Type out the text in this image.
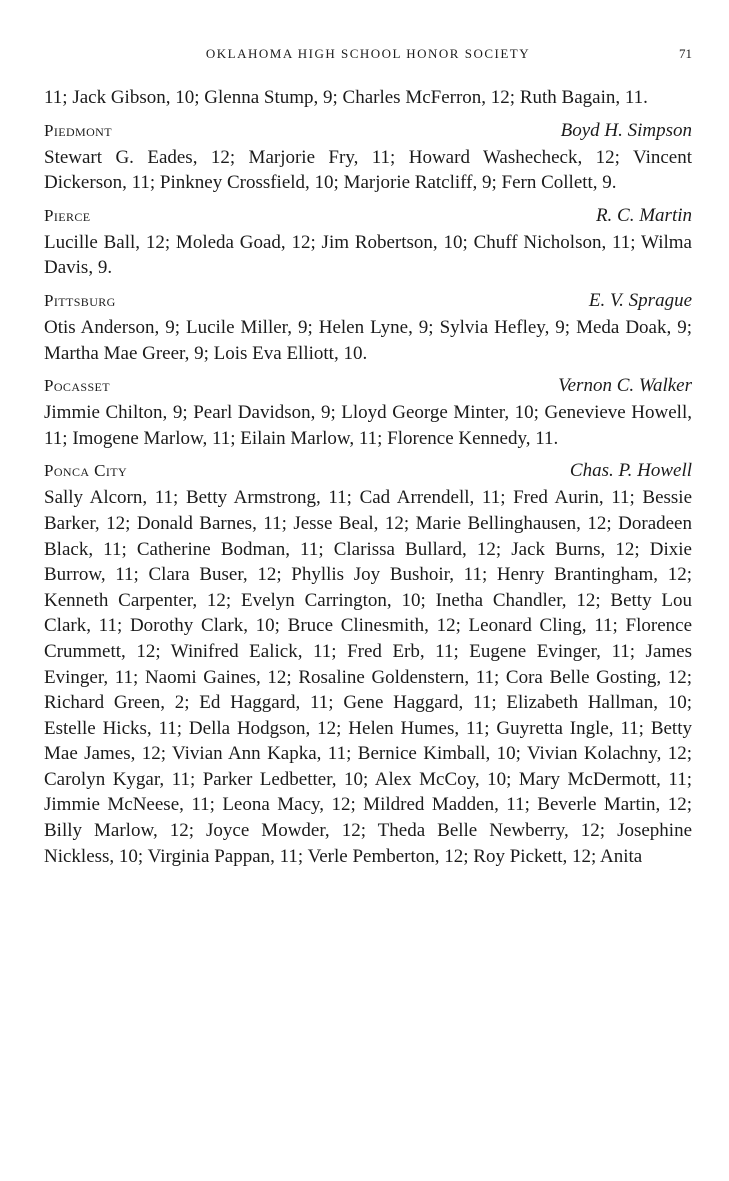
OKLAHOMA HIGH SCHOOL HONOR SOCIETY	71

11; Jack Gibson, 10; Glenna Stump, 9; Charles McFerron, 12; Ruth Bagain, 11.

Piedmont	Boyd H. Simpson

Stewart G. Eades, 12; Marjorie Fry, 11; Howard Washecheck, 12; Vincent Dickerson, 11; Pinkney Crossfield, 10; Marjorie Ratcliff, 9; Fern Collett, 9.

Pierce	R. C. Martin

Lucille Ball, 12; Moleda Goad, 12; Jim Robertson, 10; Chuff Nicholson, 11; Wilma Davis, 9.

Pittsburg	E. V. Sprague

Otis Anderson, 9; Lucile Miller, 9; Helen Lyne, 9; Sylvia Hefley, 9; Meda Doak, 9; Martha Mae Greer, 9; Lois Eva Elliott, 10.

Pocasset	Vernon C. Walker

Jimmie Chilton, 9; Pearl Davidson, 9; Lloyd George Minter, 10; Genevieve Howell, 11; Imogene Marlow, 11; Eilain Marlow, 11; Florence Kennedy, 11.

Ponca City	Chas. P. Howell

Sally Alcorn, 11; Betty Armstrong, 11; Cad Arrendell, 11; Fred Aurin, 11; Bessie Barker, 12; Donald Barnes, 11; Jesse Beal, 12; Marie Bellinghausen, 12; Doradeen Black, 11; Catherine Bodman, 11; Clarissa Bullard, 12; Jack Burns, 12; Dixie Burrow, 11; Clara Buser, 12; Phyllis Joy Bushoir, 11; Henry Brantingham, 12; Kenneth Carpenter, 12; Evelyn Carrington, 10; Inetha Chandler, 12; Betty Lou Clark, 11; Dorothy Clark, 10; Bruce Clinesmith, 12; Leonard Cling, 11; Florence Crummett, 12; Winifred Ealick, 11; Fred Erb, 11; Eugene Evinger, 11; James Evinger, 11; Naomi Gaines, 12; Rosaline Goldenstern, 11; Cora Belle Gosting, 12; Richard Green, 2; Ed Haggard, 11; Gene Haggard, 11; Elizabeth Hallman, 10; Estelle Hicks, 11; Della Hodgson, 12; Helen Humes, 11; Guyretta Ingle, 11; Betty Mae James, 12; Vivian Ann Kapka, 11; Bernice Kimball, 10; Vivian Kolachny, 12; Carolyn Kygar, 11; Parker Ledbetter, 10; Alex McCoy, 10; Mary McDermott, 11; Jimmie McNeese, 11; Leona Macy, 12; Mildred Madden, 11; Beverle Martin, 12; Billy Marlow, 12; Joyce Mowder, 12; Theda Belle Newberry, 12; Josephine Nickless, 10; Virginia Pappan, 11; Verle Pemberton, 12; Roy Pickett, 12; Anita
